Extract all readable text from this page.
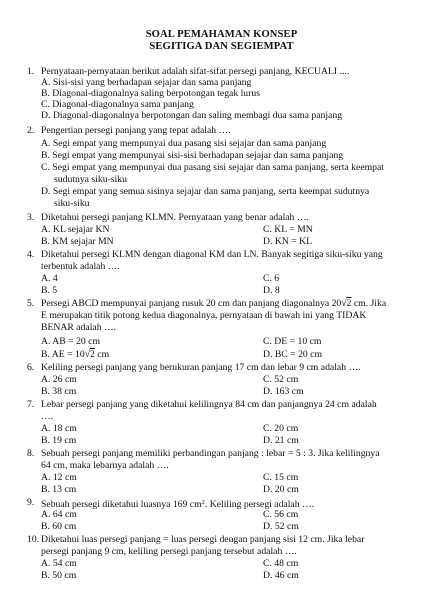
SOAL PEMAHAMAN KONSEP
SEGITIGA DAN SEGIEMPAT
1. Pernyataan-pernyataan berikut adalah sifat-sifat persegi panjang, KECUALI ....
A. Sisi-sisi yang berhadapan sejajar dan sama panjang
B. Diagonal-diagonalnya saling berpotongan tegak lurus
C. Diagonal-diagonalnya sama panjang
D. Diagonal-diagonalnya berpotongan dan saling membagi dua sama panjang
2. Pengertian persegi panjang yang tepat adalah ….
A. Segi empat yang mempunyai dua pasang sisi sejajar dan sama panjang
B. Segi empat yang mempunyai sisi-sisi berhadapan sejajar dan sama panjang
C. Segi empat yang mempunyai dua pasang sisi sejajar dan sama panjang, serta keempat
sudutnya siku-siku
D. Segi empat yang semua sisinya sejajar dan sama panjang, serta keempat sudutnya
siku-siku
3. Diketahui persegi panjang KLMN. Pernyataan yang benar adalah ….
A. KL sejajar KN	C. KL = MN
B. KM sejajar MN	D. KN = KL
4. Diketahui persegi KLMN dengan diagonal KM dan LN. Banyak segitiga siku-siku yang
terbentuk adalah ….
A. 4	C. 6
B. 5	D. 8
5. Persegi ABCD mempunyai panjang rusuk 20 cm dan panjang diagonalnya 20√2 cm. Jika
E merupakan titik potong kedua diagonalnya, pernyataan di bawah ini yang TIDAK
BENAR adalah ….
A. AB = 20 cm	C. DE = 10 cm
B. AE = 10√2 cm	D. BC = 20 cm
6. Keliling persegi panjang yang berukuran panjang 17 cm dan lebar 9 cm adalah ….
A. 26 cm	C. 52 cm
B. 38 cm	D. 163 cm
7. Lebar persegi panjang yang diketahui kelilingnya 84 cm dan panjangnya 24 cm adalah
….
A. 18 cm	C. 20 cm
B. 19 cm	D. 21 cm
8. Sebuah persegi panjang memiliki perbandingan panjang : lebar = 5 : 3. Jika kelilingnya
64 cm, maka lebarnya adalah ….
A. 12 cm	C. 15 cm
B. 13 cm	D. 20 cm
9. Sebuah persegi diketahui luasnya 169 $cm^2$. Keliling persegi adalah ….
A. 64 cm	C. 56 cm
B. 60 cm	D. 52 cm
10. Diketahui luas persegi panjang = luas persegi dengan panjang sisi 12 cm. Jika lebar
persegi panjang 9 cm, keliling persegi panjang tersebut adalah ….
A. 54 cm	C. 48 cm
B. 50 cm	D. 46 cm
